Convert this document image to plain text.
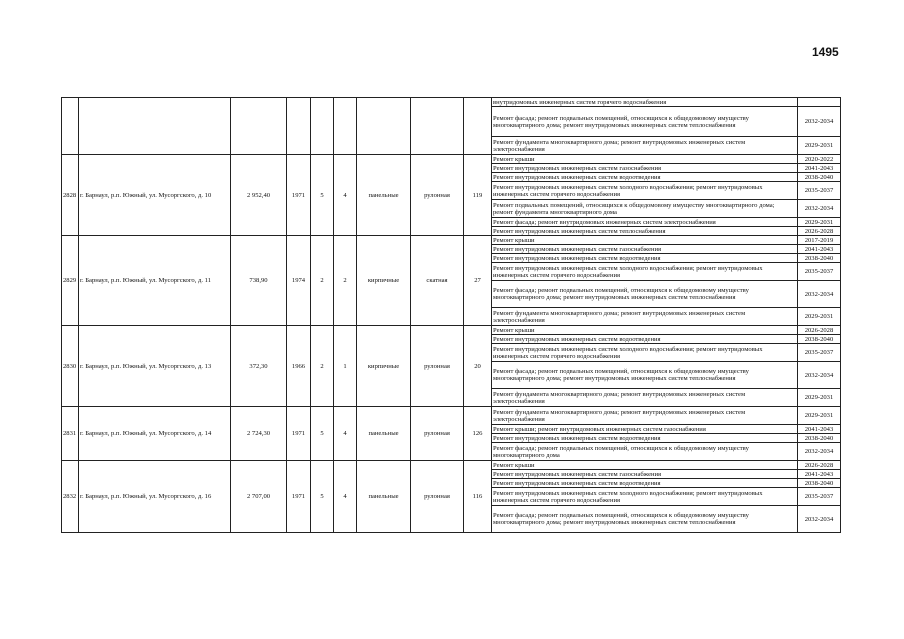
1495
									внутридомовых инженерных систем горячего водоснабжения	
									Ремонт фасада; ремонт подвальных помещений, относящихся к общедомовому имуществу многоквартирного дома; ремонт внутридомовых инженерных систем теплоснабжения	2032-2034
									Ремонт фундамента многоквартирного дома; ремонт внутридомовых инженерных систем электроснабжения	2029-2031
2828	г. Барнаул, р.п. Южный, ул. Мусоргского, д. 10	2 952,40	1971	5	4	панельные	рулонная	119	Ремонт крыши	2020-2022
									Ремонт внутридомовых инженерных систем газоснабжения	2041-2043
									Ремонт внутридомовых инженерных систем водоотведения	2038-2040
									Ремонт внутридомовых инженерных систем холодного водоснабжения; ремонт внутридомовых инженерных систем горячего водоснабжения	2035-2037
									Ремонт подвальных помещений, относящихся к общедомовому имуществу многоквартирного дома; ремонт фундамента многоквартирного дома	2032-2034
									Ремонт фасада; ремонт внутридомовых инженерных систем электроснабжения	2029-2031
									Ремонт внутридомовых инженерных систем теплоснабжения	2026-2028
2829	г. Барнаул, р.п. Южный, ул. Мусоргского, д. 11	738,90	1974	2	2	кирпичные	скатная	27	Ремонт крыши	2017-2019
									Ремонт внутридомовых инженерных систем газоснабжения	2041-2043
									Ремонт внутридомовых инженерных систем водоотведения	2038-2040
									Ремонт внутридомовых инженерных систем холодного водоснабжения; ремонт внутридомовых инженерных систем горячего водоснабжения	2035-2037
									Ремонт фасада; ремонт подвальных помещений, относящихся к общедомовому имуществу многоквартирного дома; ремонт внутридомовых инженерных систем теплоснабжения	2032-2034
									Ремонт фундамента многоквартирного дома; ремонт внутридомовых инженерных систем электроснабжения	2029-2031
2830	г. Барнаул, р.п. Южный, ул. Мусоргского, д. 13	372,30	1966	2	1	кирпичные	рулонная	20	Ремонт крыши	2026-2028
									Ремонт внутридомовых инженерных систем водоотведения	2038-2040
									Ремонт внутридомовых инженерных систем холодного водоснабжения; ремонт внутридомовых инженерных систем горячего водоснабжения	2035-2037
									Ремонт фасада; ремонт подвальных помещений, относящихся к общедомовому имуществу многоквартирного дома; ремонт внутридомовых инженерных систем теплоснабжения	2032-2034
									Ремонт фундамента многоквартирного дома; ремонт внутридомовых инженерных систем электроснабжения	2029-2031
2831	г. Барнаул, р.п. Южный, ул. Мусоргского, д. 14	2 724,30	1971	5	4	панельные	рулонная	126	Ремонт фундамента многоквартирного дома; ремонт внутридомовых инженерных систем электроснабжения	2029-2031
									Ремонт крыши; ремонт внутридомовых инженерных систем газоснабжения	2041-2043
									Ремонт внутридомовых инженерных систем водоотведения	2038-2040
									Ремонт фасада; ремонт подвальных помещений, относящихся к общедомовому имуществу многоквартирного дома	2032-2034
2832	г. Барнаул, р.п. Южный, ул. Мусоргского, д. 16	2 707,00	1971	5	4	панельные	рулонная	116	Ремонт крыши	2026-2028
									Ремонт внутридомовых инженерных систем газоснабжения	2041-2043
									Ремонт внутридомовых инженерных систем водоотведения	2038-2040
									Ремонт внутридомовых инженерных систем холодного водоснабжения; ремонт внутридомовых инженерных систем горячего водоснабжения	2035-2037
									Ремонт фасада; ремонт подвальных помещений, относящихся к общедомовому имуществу многоквартирного дома; ремонт внутридомовых инженерных систем теплоснабжения	2032-2034
